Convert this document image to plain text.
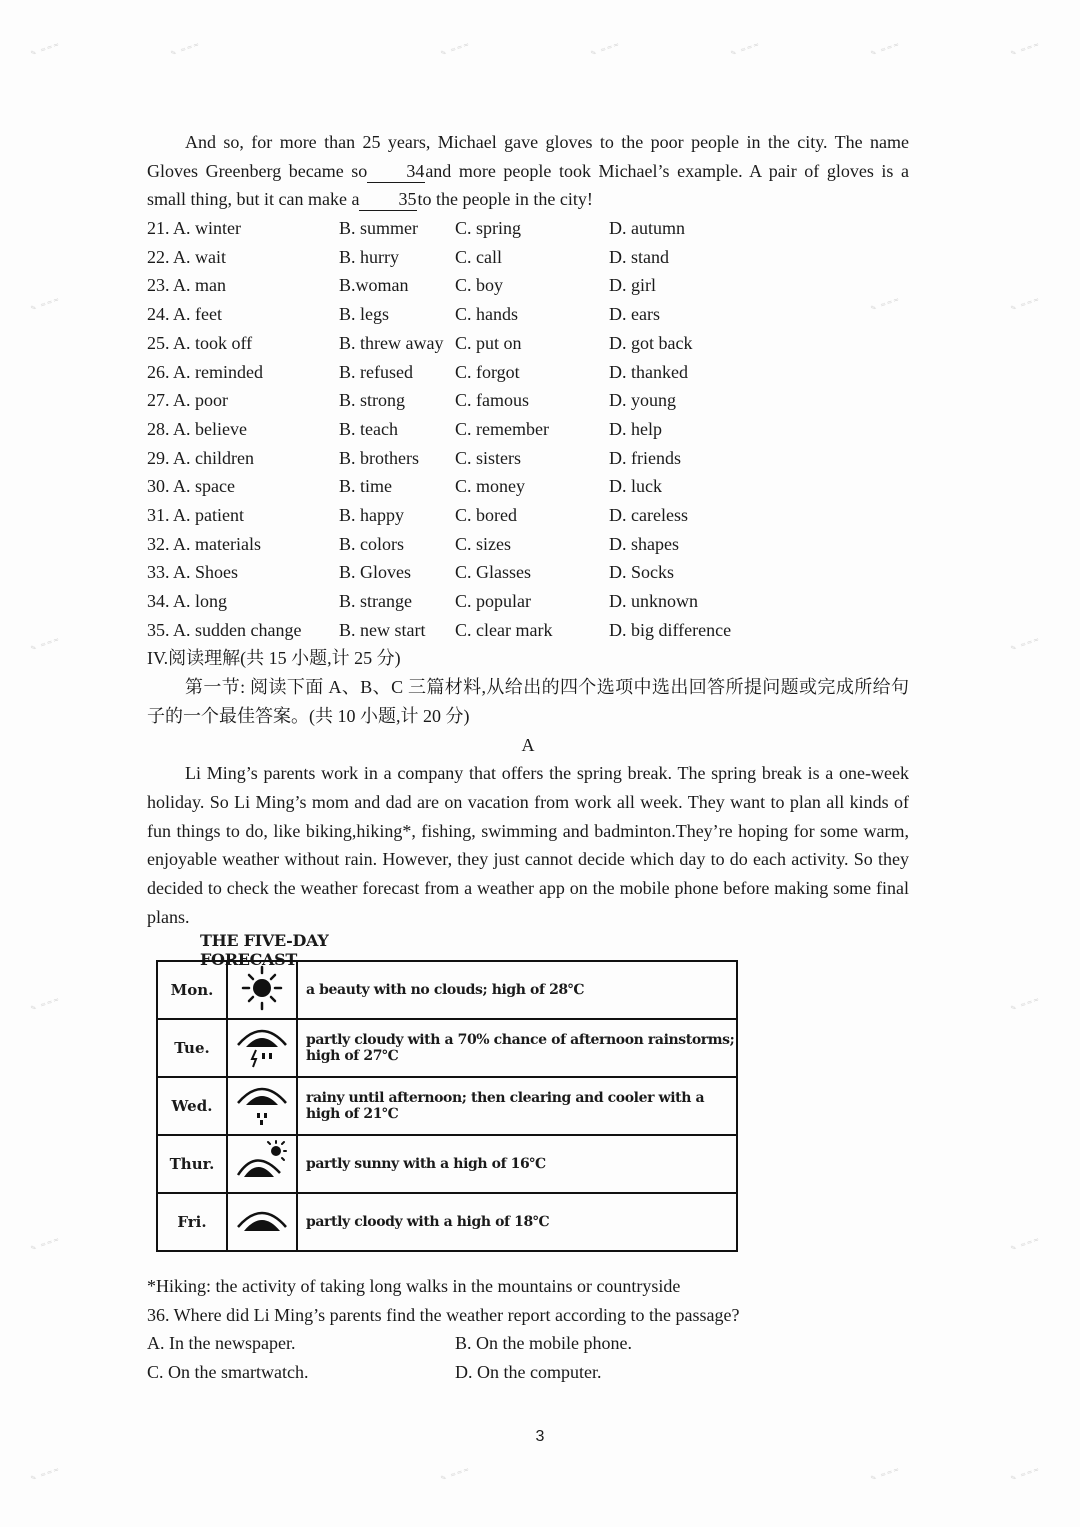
✎ ≈≈≈	✎ ≈≈≈	✎ ≈≈≈	✎ ≈≈≈	✎ ≈≈≈	✎ ≈≈≈	✎ ≈≈≈
✎ ≈≈≈	✎ ≈≈≈
✎ ≈≈≈
✎ ≈≈≈	✎ ≈≈≈
✎ ≈≈≈	✎ ≈≈≈
✎ ≈≈≈	✎ ≈≈≈
✎ ≈≈≈	✎ ≈≈≈	✎ ≈≈≈	✎ ≈≈≈

And so, for more than 25 years, Michael gave gloves to the poor people in the city. The name Gloves Greenberg became so 34and more people took Michael’s example. A pair of gloves is a small thing, but it can make a 35to the people in the city!

21. A. winter	B. summer C. spring	D. autumn
22. A. wait	B. hurry	C. call	D. stand
23. A. man	B.woman	C. boy	D. girl
24. A. feet	B. legs	C. hands	D. ears
25. A. took off	B. threw away C. put on	D. got back
26. A. reminded	B. refused C. forgot	D. thanked
27. A. poor	B. strong	C. famous	D. young
28. A. believe	B. teach	C. remember	D. help
29. A. children	B. brothers C. sisters	D. friends
30. A. space	B. time	C. money	D. luck
31. A. patient	B. happy	C. bored	D. careless
32. A. materials	B. colors	C. sizes	D. shapes
33. A. Shoes	B. Gloves C. Glasses	D. Socks
34. A. long	B. strange C. popular	D. unknown
35. A. sudden change B. new start C. clear mark	D. big difference

IV.阅读理解(共 15 小题,计 25 分)

第一节: 阅读下面 A、B、C 三篇材料,从给出的四个选项中选出回答所提问题或完成所给句子的一个最佳答案。(共 10 小题,计 20 分)

A

Li Ming’s parents work in a company that offers the spring break. The spring break is a one-week holiday. So Li Ming’s mom and dad are on vacation from work all week. They want to plan all kinds of fun things to do, like biking,hiking*, fishing, swimming and badminton.They’re hoping for some warm, enjoyable weather without rain. However, they just cannot decide which day to do each activity. So they decided to check the weather forecast from a weather app on the mobile phone before making some final plans.

THE FIVE-DAY FORECAST
Mon.		a beauty with no clouds; high of 28℃
Tue.		partly cloudy with a 70% chance of afternoon rainstorms; high of 27℃
Wed.		rainy until afternoon; then clearing and cooler with a high of 21℃
Thur.		partly sunny with a high of 16℃
Fri.		partly cloody with a high of 18℃
*Hiking: the activity of taking long walks in the mountains or countryside
36. Where did Li Ming’s parents find the weather report according to the passage?
A. In the newspaper.	B. On the mobile phone.
C. On the smartwatch.	D. On the computer.
3
